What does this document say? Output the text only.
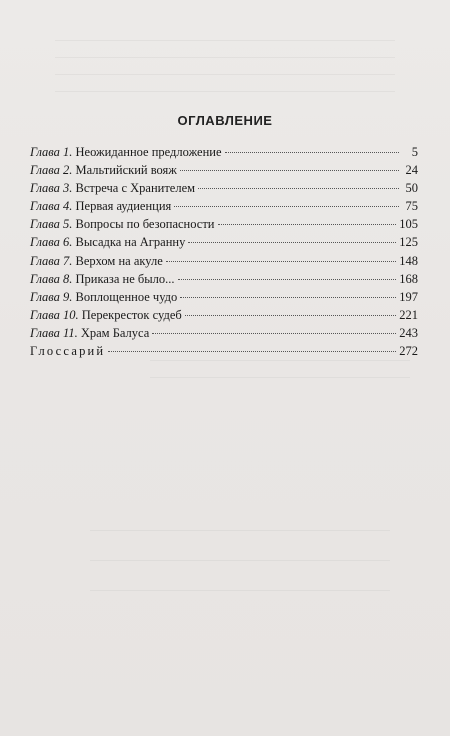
ОГЛАВЛЕНИЕ
Глава 1. Неожиданное предложение	5
Глава 2. Мальтийский вояж	24
Глава 3. Встреча с Хранителем	50
Глава 4. Первая аудиенция	75
Глава 5. Вопросы по безопасности	105
Глава 6. Высадка на Агранну	125
Глава 7. Верхом на акуле	148
Глава 8. Приказа не было...	168
Глава 9. Воплощенное чудо	197
Глава 10. Перекресток судеб	221
Глава 11. Храм Балуса	243
Глоссарий	272
